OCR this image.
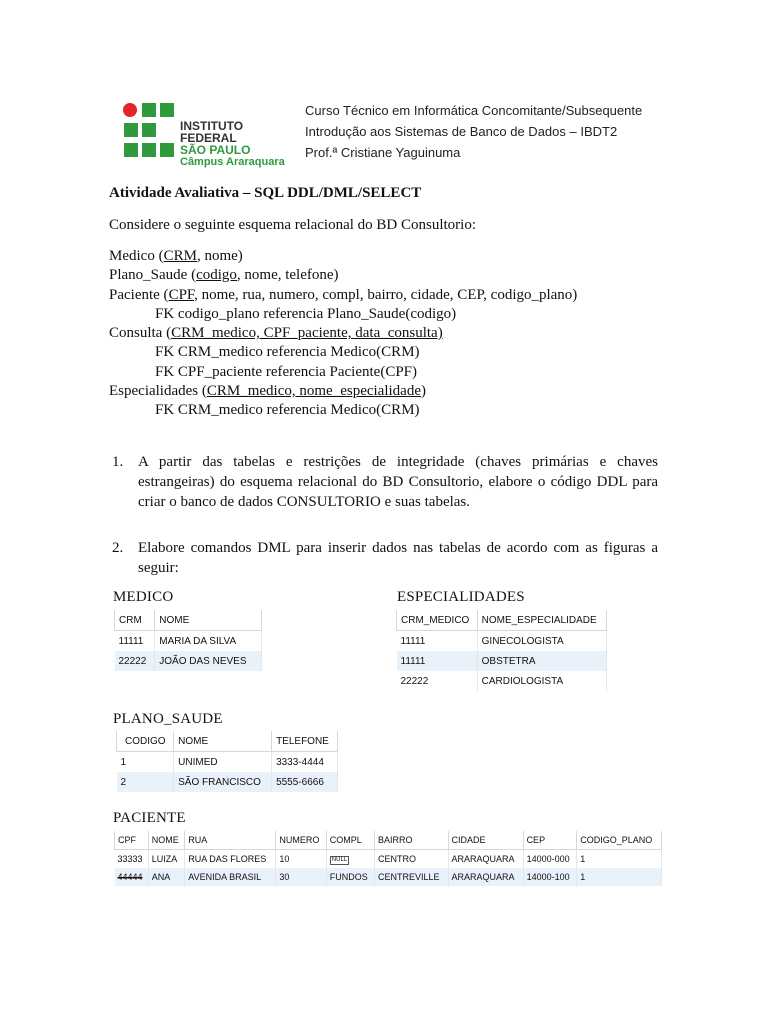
INSTITUTO FEDERAL
SÃO PAULO
Câmpus Araraquara
Curso Técnico em Informática Concomitante/Subsequente
Introdução aos Sistemas de Banco de Dados – IBDT2
Prof.ª Cristiane Yaguinuma
Atividade Avaliativa – SQL DDL/DML/SELECT
Considere o seguinte esquema relacional do BD Consultorio:
Medico (CRM, nome)
Plano_Saude (codigo, nome, telefone)
Paciente (CPF, nome, rua, numero, compl, bairro, cidade, CEP, codigo_plano)
FK codigo_plano referencia Plano_Saude(codigo)
Consulta (CRM_medico, CPF_paciente, data_consulta)
FK CRM_medico referencia Medico(CRM)
FK CPF_paciente referencia Paciente(CPF)
Especialidades (CRM_medico, nome_especialidade)
FK CRM_medico referencia Medico(CRM)
1. A partir das tabelas e restrições de integridade (chaves primárias e chaves estrangeiras) do esquema relacional do BD Consultorio, elabore o código DDL para criar o banco de dados CONSULTORIO e suas tabelas.
2. Elabore comandos DML para inserir dados nas tabelas de acordo com as figuras a seguir:
MEDICO
CRM	NOME
11111	MARIA DA SILVA
22222	JOÃO DAS NEVES
ESPECIALIDADES
CRM_MEDICO	NOME_ESPECIALIDADE
11111	GINECOLOGISTA
11111	OBSTETRA
22222	CARDIOLOGISTA
PLANO_SAUDE
CODIGO	NOME	TELEFONE
1	UNIMED	3333-4444
2	SÃO FRANCISCO	5555-6666
PACIENTE
CPF	NOME	RUA	NUMERO	COMPL	BAIRRO	CIDADE	CEP	CODIGO_PLANO
33333	LUIZA	RUA DAS FLORES	10	NULL	CENTRO	ARARAQUARA	14000-000	1
44444	ANA	AVENIDA BRASIL	30	FUNDOS	CENTREVILLE	ARARAQUARA	14000-100	1
